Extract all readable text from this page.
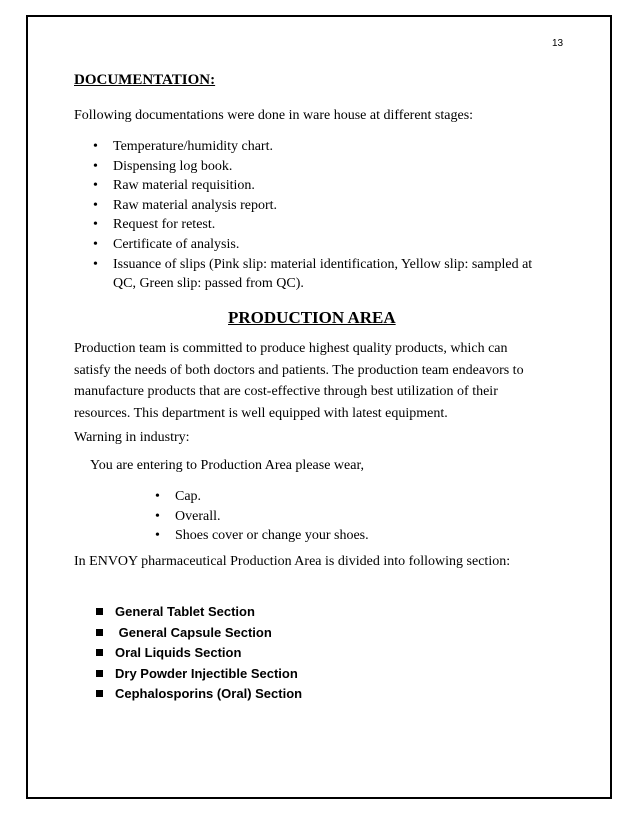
13
DOCUMENTATION:
Following documentations were done in ware house at different stages:
• Temperature/humidity chart.
• Dispensing log book.
• Raw material requisition.
• Raw material analysis report.
• Request for retest.
• Certificate of analysis.
• Issuance of slips (Pink slip: material identification, Yellow slip: sampled at
QC, Green slip: passed from QC).
PRODUCTION AREA
Production team is committed to produce highest quality products, which can
satisfy the needs of both doctors and patients. The production team endeavors to
manufacture products that are cost-effective through best utilization of their
resources. This department is well equipped with latest equipment.
Warning in industry:
You are entering to Production Area please wear,
• Cap.
• Overall.
• Shoes cover or change your shoes.
In ENVOY pharmaceutical Production Area is divided into following section:
General Tablet Section
General Capsule Section
Oral Liquids Section
Dry Powder Injectible Section
Cephalosporins (Oral) Section
